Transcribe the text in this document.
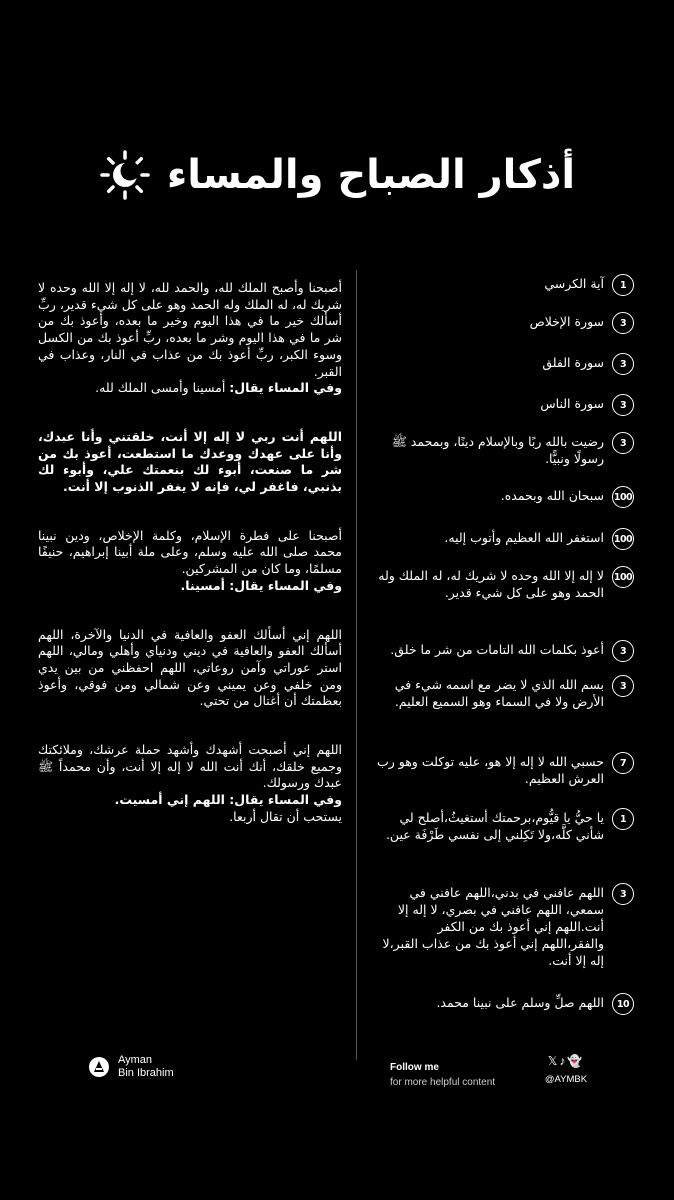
أذكار الصباح والمساء
1
آية الكرسي
3
سورة الإخلاص
3
سورة الفلق
3
سورة الناس
3
رضيت بالله ربًا وبالإسلام دينًا، وبمحمد ﷺ رسولًا ونبيًّا.
100
سبحان الله وبحمده.
100
استغفر الله العظيم وأتوب إليه.
100
لا إله إلا الله وحده لا شريك له، له الملك وله الحمد وهو على كل شيء قدير.
3
أعوذ بكلمات الله التامات من شر ما خلق.
3
بسم الله الذي لا يضر مع اسمه شيء في الأرض ولا في السماء وهو السميع العليم.
7
حسبي الله لا إله إلا هو، عليه توكلت وهو رب العرش العظيم.
1
يا حيُّ يا قيُّوم،برحمتك أستغيثُ،أصلح لي شأني كلَّه،ولا تَكِلني إلى نفسي طَرْفَة عين.
3
اللهم عافني في بدني،اللهم عافني في سمعي، اللهم عافني في بصري، لا إله إلا أنت.اللهم إني أعوذ بك من الكفر والفقر،اللهم إني أعوذ بك من عذاب القبر،لا إله إلا أنت.
10
اللهم صلِّ وسلم على نبينا محمد.

أصبحنا وأصبح الملك لله، والحمد لله، لا إله إلا الله وحده لا شريك له، له الملك وله الحمد وهو على كل شيء قدير، ربِّ أسألك خير ما في هذا اليوم وخير ما بعده، وأعوذ بك من شر ما في هذا اليوم وشر ما بعده، ربِّ أعوذ بك من الكسل وسوء الكبر، ربِّ أعوذ بك من عذاب في النار، وعذاب في القبر.
وفي المساء يقال: أمسينا وأمسى الملك لله.

اللهم أنت ربي لا إله إلا أنت، خلقتني وأنا عبدك، وأنا على عهدك ووعدك ما استطعت، أعوذ بك من شر ما صنعت، أبوء لك بنعمتك علي، وأبوء لك بذنبي، فاغفر لي، فإنه لا يغفر الذنوب إلا أنت.

أصبحنا على فطرة الإسلام، وكلمة الإخلاص، ودين نبينا محمد صلى الله عليه وسلم، وعلى ملة أبينا إبراهيم، حنيفًا مسلمًا، وما كان من المشركين.
وفي المساء يقال: أمسينا.

اللهم إني أسألك العفو والعافية في الدنيا والآخرة، اللهم أسألك العفو والعافية في ديني ودنياي وأهلي ومالي، اللهم استر عوراتي وآمن روعاتي، اللهم احفظني من بين يدي ومن خلفي وعن يميني وعن شمالي ومن فوقي، وأعوذ بعظمتك أن أغتال من تحتي.

اللهم إني أصبحت أشهدك وأشهد حملة عرشك، وملائكتك وجميع خلقك، أنك أنت الله لا إله إلا أنت، وأن محمداً ﷺ عبدك ورسولك.
وفي المساء يقال: اللهم إني أمسيت.
يستحب أن تقال أربعا.

Ayman
Bin Ibrahim	Follow me
for more helpful content
𝕏♪👻
@AYMBK
